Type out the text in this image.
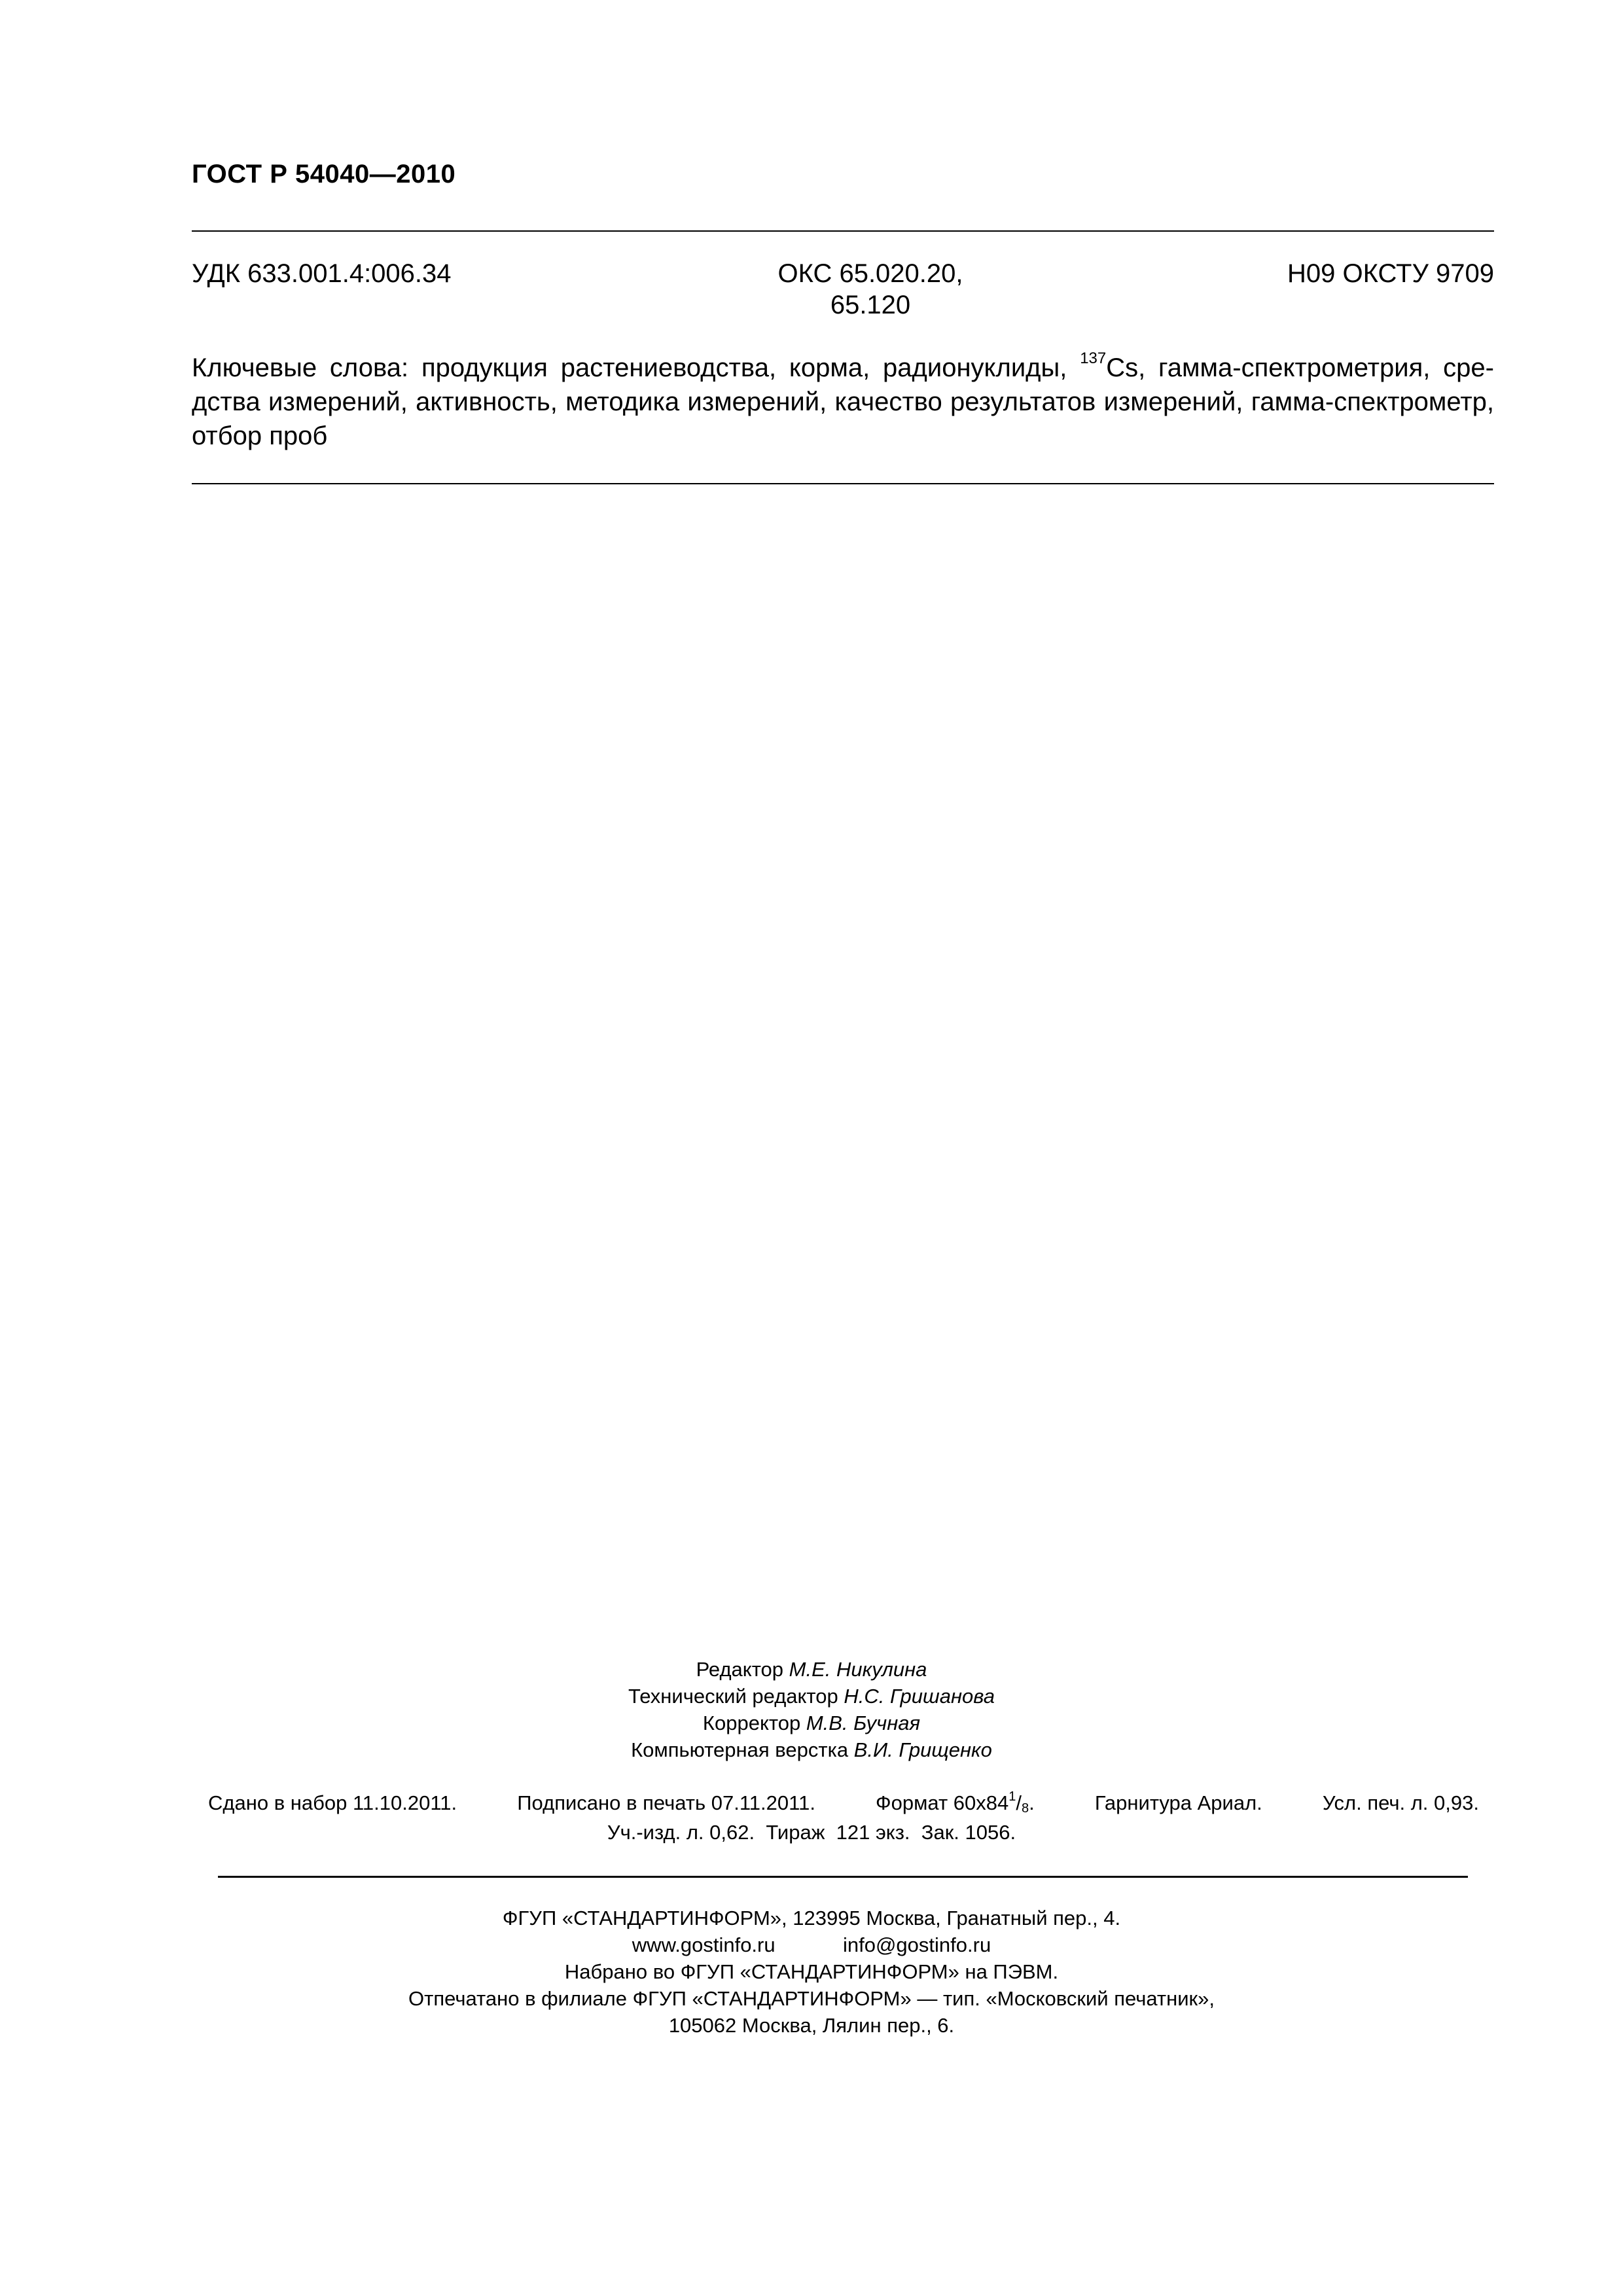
ГОСТ Р 54040—2010
УДК 633.001.4:006.34	ОКС 65.020.20,
65.120
Н09 ОКСТУ 9709
Ключевые слова: продукция растениеводства, корма, радионуклиды, $^{137}$Cs, гамма-спектрометрия, средства измерений, активность, методика измерений, качество результатов измерений, гамма-спектрометр, отбор проб
Редактор М.Е. Никулина
Технический редактор Н.С. Гришанова
Корректор М.В. Бучная
Компьютерная верстка В.И. Грищенко
Сдано в набор 11.10.2011.	Подписано в печать 07.11.2011.	Формат $60x84^1/_8$.	Гарнитура Ариал.	Усл. печ. л. 0,93.
Уч.-изд. л. 0,62.  Тираж  121 экз.  Зак. 1056.
ФГУП «СТАНДАРТИНФОРМ», 123995 Москва, Гранатный пер., 4.
www.gostinfo.ru	info@gostinfo.ru
Набрано во ФГУП «СТАНДАРТИНФОРМ» на ПЭВМ.
Отпечатано в филиале ФГУП «СТАНДАРТИНФОРМ» — тип. «Московский печатник»,
105062 Москва, Лялин пер., 6.
